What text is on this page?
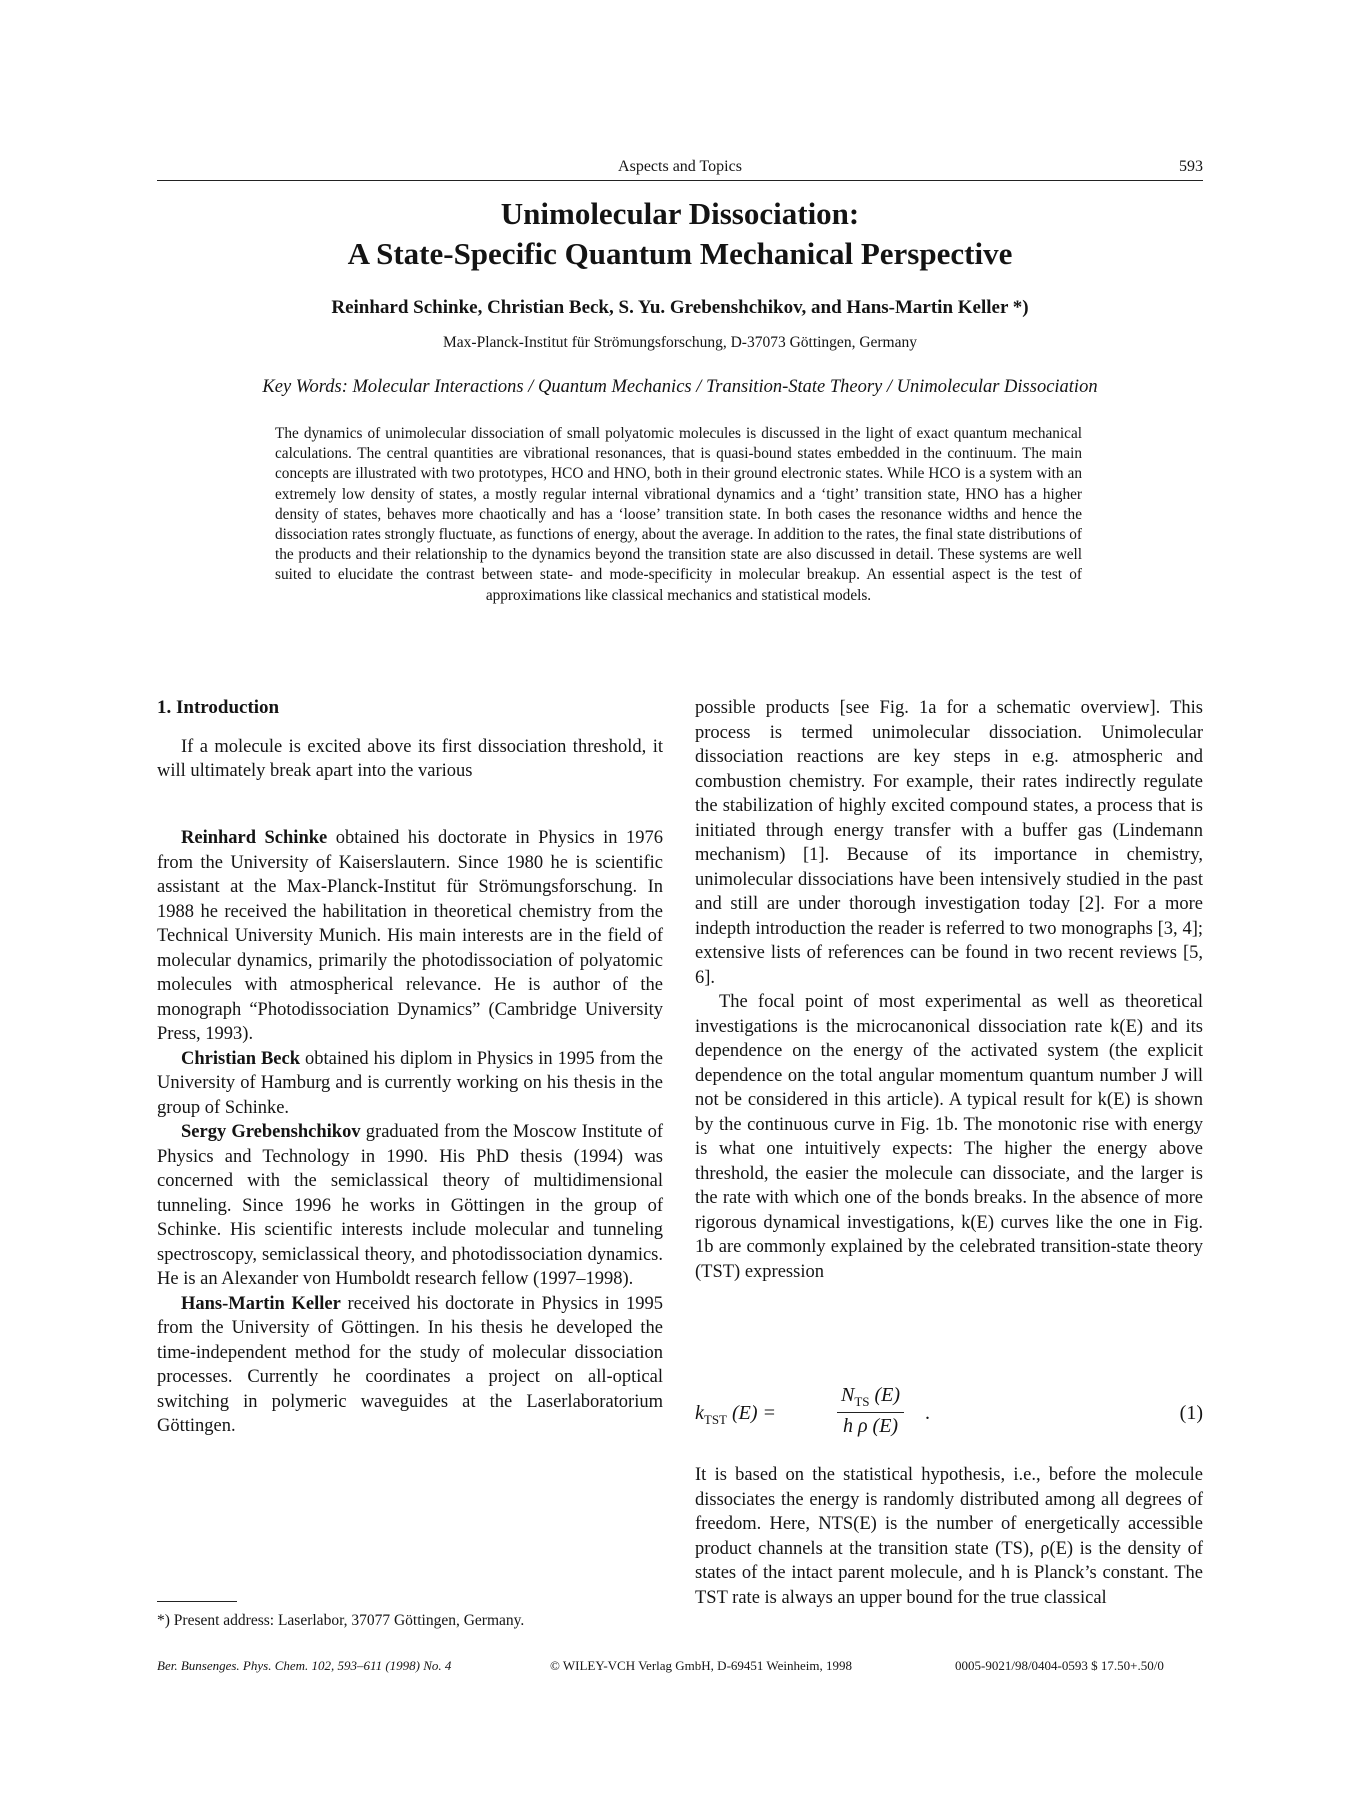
Aspects and Topics	593
Unimolecular Dissociation:
A State-Specific Quantum Mechanical Perspective
Reinhard Schinke, Christian Beck, S. Yu. Grebenshchikov, and Hans-Martin Keller *)
Max-Planck-Institut für Strömungsforschung, D-37073 Göttingen, Germany
Key Words: Molecular Interactions / Quantum Mechanics / Transition-State Theory / Unimolecular Dissociation
The dynamics of unimolecular dissociation of small polyatomic molecules is discussed in the light of exact quantum mechanical calculations. The central quantities are vibrational resonances, that is quasi-bound states embedded in the continuum. The main concepts are illustrated with two prototypes, HCO and HNO, both in their ground electronic states. While HCO is a system with an extremely low density of states, a mostly regular internal vibrational dynamics and a ‘tight’ transition state, HNO has a higher density of states, behaves more chaotically and has a ‘loose’ transition state. In both cases the resonance widths and hence the dissociation rates strongly fluctuate, as functions of energy, about the average. In addition to the rates, the final state distributions of the products and their relationship to the dynamics beyond the transition state are also discussed in detail. These systems are well suited to elucidate the contrast between state- and mode-specificity in molecular breakup. An essential aspect is the test of approximations like classical mechanics and statistical models.

1. Introduction

If a molecule is excited above its first dissociation threshold, it will ultimately break apart into the various

Reinhard Schinke obtained his doctorate in Physics in 1976 from the University of Kaiserslautern. Since 1980 he is scientific assistant at the Max-Planck-Institut für Strömungsforschung. In 1988 he received the habilitation in theoretical chemistry from the Technical University Munich. His main interests are in the field of molecular dynamics, primarily the photodissociation of polyatomic molecules with atmospherical relevance. He is author of the monograph “Photodissociation Dynamics” (Cambridge University Press, 1993).

Christian Beck obtained his diplom in Physics in 1995 from the University of Hamburg and is currently working on his thesis in the group of Schinke.

Sergy Grebenshchikov graduated from the Moscow Institute of Physics and Technology in 1990. His PhD thesis (1994) was concerned with the semiclassical theory of multidimensional tunneling. Since 1996 he works in Göttingen in the group of Schinke. His scientific interests include molecular and tunneling spectroscopy, semiclassical theory, and photodissociation dynamics. He is an Alexander von Humboldt research fellow (1997–1998).

Hans-Martin Keller received his doctorate in Physics in 1995 from the University of Göttingen. In his thesis he developed the time-independent method for the study of molecular dissociation processes. Currently he coordinates a project on all-optical switching in polymeric waveguides at the Laserlaboratorium Göttingen.

possible products [see Fig. 1a for a schematic overview]. This process is termed unimolecular dissociation. Unimolecular dissociation reactions are key steps in e.g. atmospheric and combustion chemistry. For example, their rates indirectly regulate the stabilization of highly excited compound states, a process that is initiated through energy transfer with a buffer gas (Lindemann mechanism) [1]. Because of its importance in chemistry, unimolecular dissociations have been intensively studied in the past and still are under thorough investigation today [2]. For a more indepth introduction the reader is referred to two monographs [3, 4]; extensive lists of references can be found in two recent reviews [5, 6].

The focal point of most experimental as well as theoretical investigations is the microcanonical dissociation rate k(E) and its dependence on the energy of the activated system (the explicit dependence on the total angular momentum quantum number J will not be considered in this article). A typical result for k(E) is shown by the continuous curve in Fig. 1b. The monotonic rise with energy is what one intuitively expects: The higher the energy above threshold, the easier the molecule can dissociate, and the larger is the rate with which one of the bonds breaks. In the absence of more rigorous dynamical investigations, k(E) curves like the one in Fig. 1b are commonly explained by the celebrated transition-state theory (TST) expression

$k_{TST}$ (E) =
$N_{TS}$ (E)
h ρ (E)
.	(1)

It is based on the statistical hypothesis, i.e., before the molecule dissociates the energy is randomly distributed among all degrees of freedom. Here, NTS(E) is the number of energetically accessible product channels at the transition state (TS), ρ(E) is the density of states of the intact parent molecule, and h is Planck’s constant. The TST rate is always an upper bound for the true classical

*) Present address: Laserlabor, 37077 Göttingen, Germany.
Ber. Bunsenges. Phys. Chem. 102, 593–611 (1998) No. 4	© WILEY-VCH Verlag GmbH, D-69451 Weinheim, 1998	0005-9021/98/0404-0593 $ 17.50+.50/0
